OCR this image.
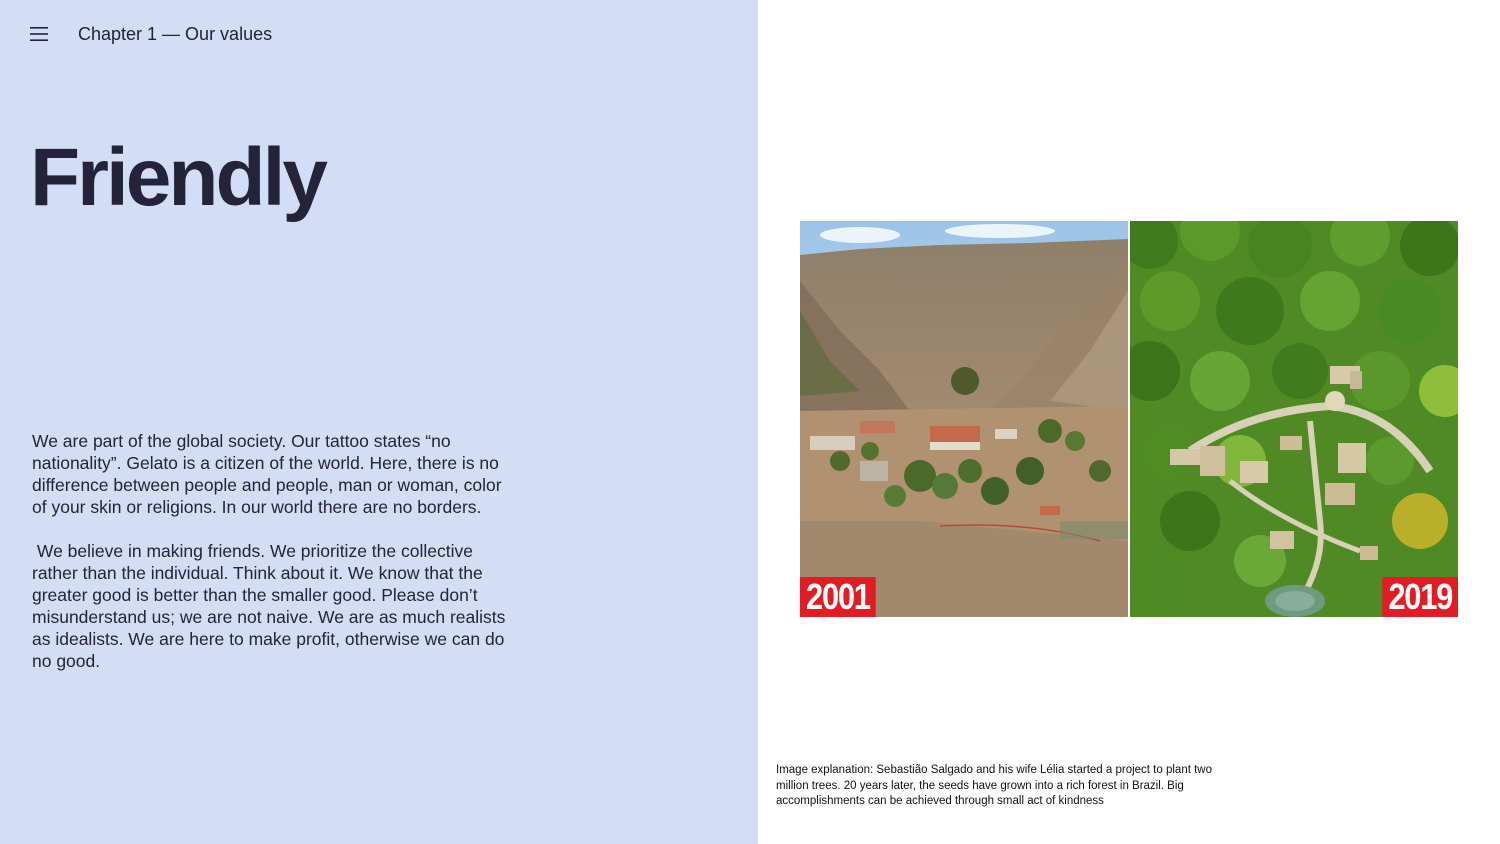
Chapter 1 — Our values
Friendly

We are part of the global society. Our tattoo states “no nationality”. Gelato is a citizen of the world. Here, there is no difference between people and people, man or woman, color of your skin or religions. In our world there are no borders.

We believe in making friends. We prioritize the collective rather than the individual. Think about it. We know that the greater good is better than the smaller good. Please don’t misunderstand us; we are not naive. We are as much realists as idealists. We are here to make profit, otherwise we can do no good.

2001	2019
Image explanation: Sebastião Salgado and his wife Lélia started a project to plant two million trees. 20 years later, the seeds have grown into a rich forest in Brazil. Big accomplishments can be achieved through small act of kindness
